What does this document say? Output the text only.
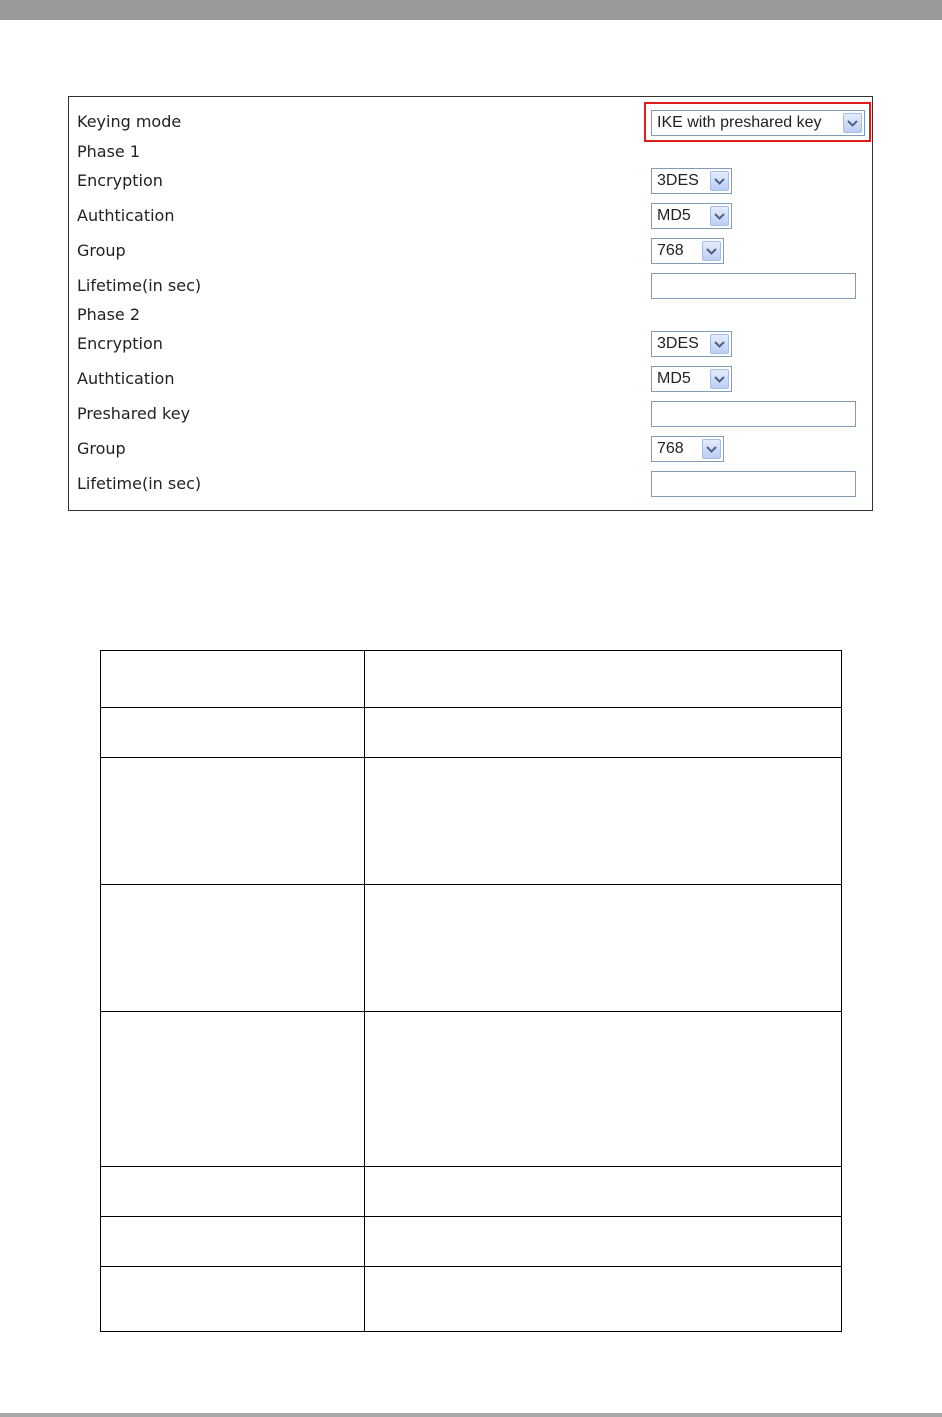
Keying mode	IKE with preshared key
Phase 1
Encryption	3DES
Authtication	MD5
Group	768
Lifetime(in sec)
Phase 2
Encryption	3DES
Authtication	MD5
Preshared key
Group	768
Lifetime(in sec)
